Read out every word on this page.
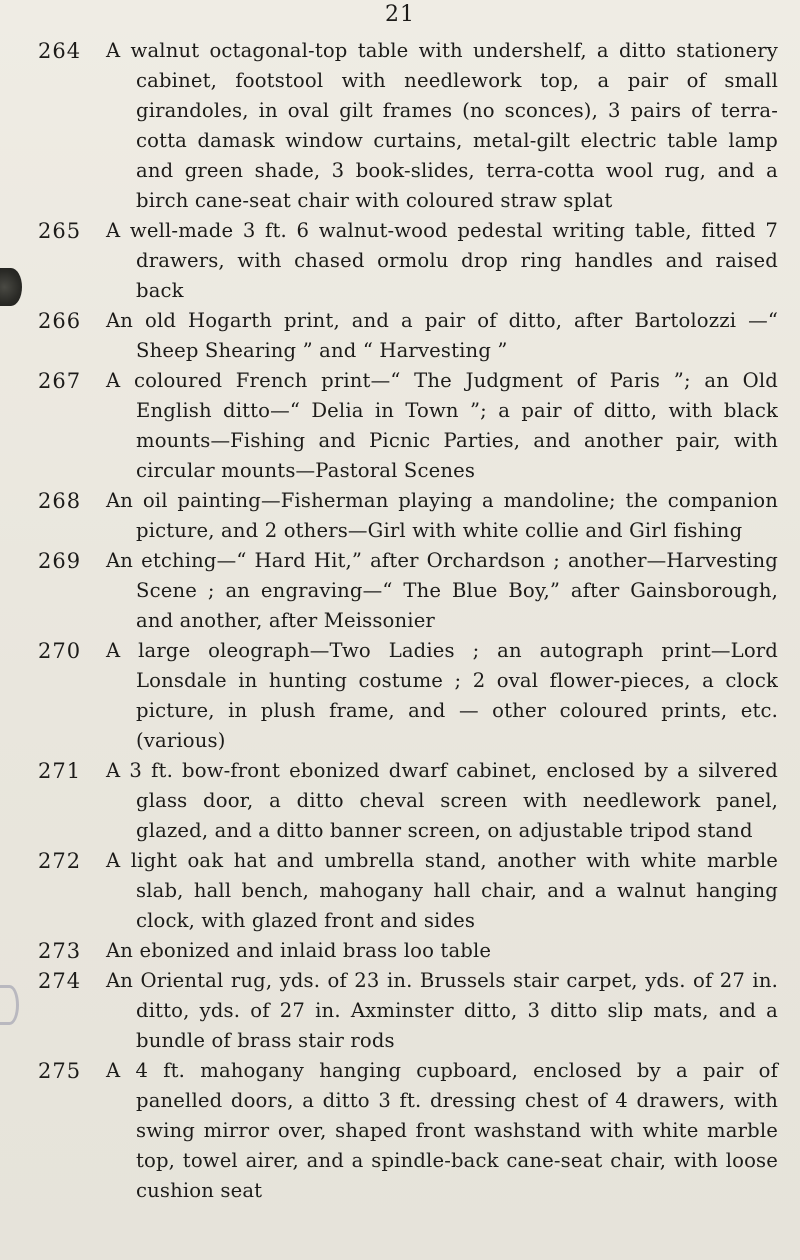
21
264	A walnut octagonal-top table with undershelf, a ditto stationery cabinet, footstool with needlework top, a pair of small girandoles, in oval gilt frames (no sconces), 3 pairs of terra-cotta damask window curtains, metal-gilt electric table lamp and green shade, 3 book-slides, terra-cotta wool rug, and a birch cane-seat chair with coloured straw splat
265	A well-made 3 ft. 6 walnut-wood pedestal writing table, fitted 7 drawers, with chased ormolu drop ring handles and raised back
266	An old Hogarth print, and a pair of ditto, after Bartolozzi —“ Sheep Shearing ” and “ Harvesting ”
267	A coloured French print—“ The Judgment of Paris ”; an Old English ditto—“ Delia in Town ”; a pair of ditto, with black mounts—Fishing and Picnic Parties, and another pair, with circular mounts—Pastoral Scenes
268	An oil painting—Fisherman playing a mandoline; the companion picture, and 2 others—Girl with white collie and Girl fishing
269	An etching—“ Hard Hit,” after Orchardson ; another—Harvesting Scene ; an engraving—“ The Blue Boy,” after Gainsborough, and another, after Meissonier
270	A large oleograph—Two Ladies ; an autograph print—Lord Lonsdale in hunting costume ; 2 oval flower-pieces, a clock picture, in plush frame, and — other coloured prints, etc. (various)
271	A 3 ft. bow-front ebonized dwarf cabinet, enclosed by a silvered glass door, a ditto cheval screen with needlework panel, glazed, and a ditto banner screen, on adjustable tripod stand
272	A light oak hat and umbrella stand, another with white marble slab, hall bench, mahogany hall chair, and a walnut hanging clock, with glazed front and sides
273	An ebonized and inlaid brass loo table
274	An Oriental rug, yds. of 23 in. Brussels stair carpet, yds. of 27 in. ditto, yds. of 27 in. Axminster ditto, 3 ditto slip mats, and a bundle of brass stair rods
275	A 4 ft. mahogany hanging cupboard, enclosed by a pair of panelled doors, a ditto 3 ft. dressing chest of 4 drawers, with swing mirror over, shaped front washstand with white marble top, towel airer, and a spindle-back cane-seat chair, with loose cushion seat
